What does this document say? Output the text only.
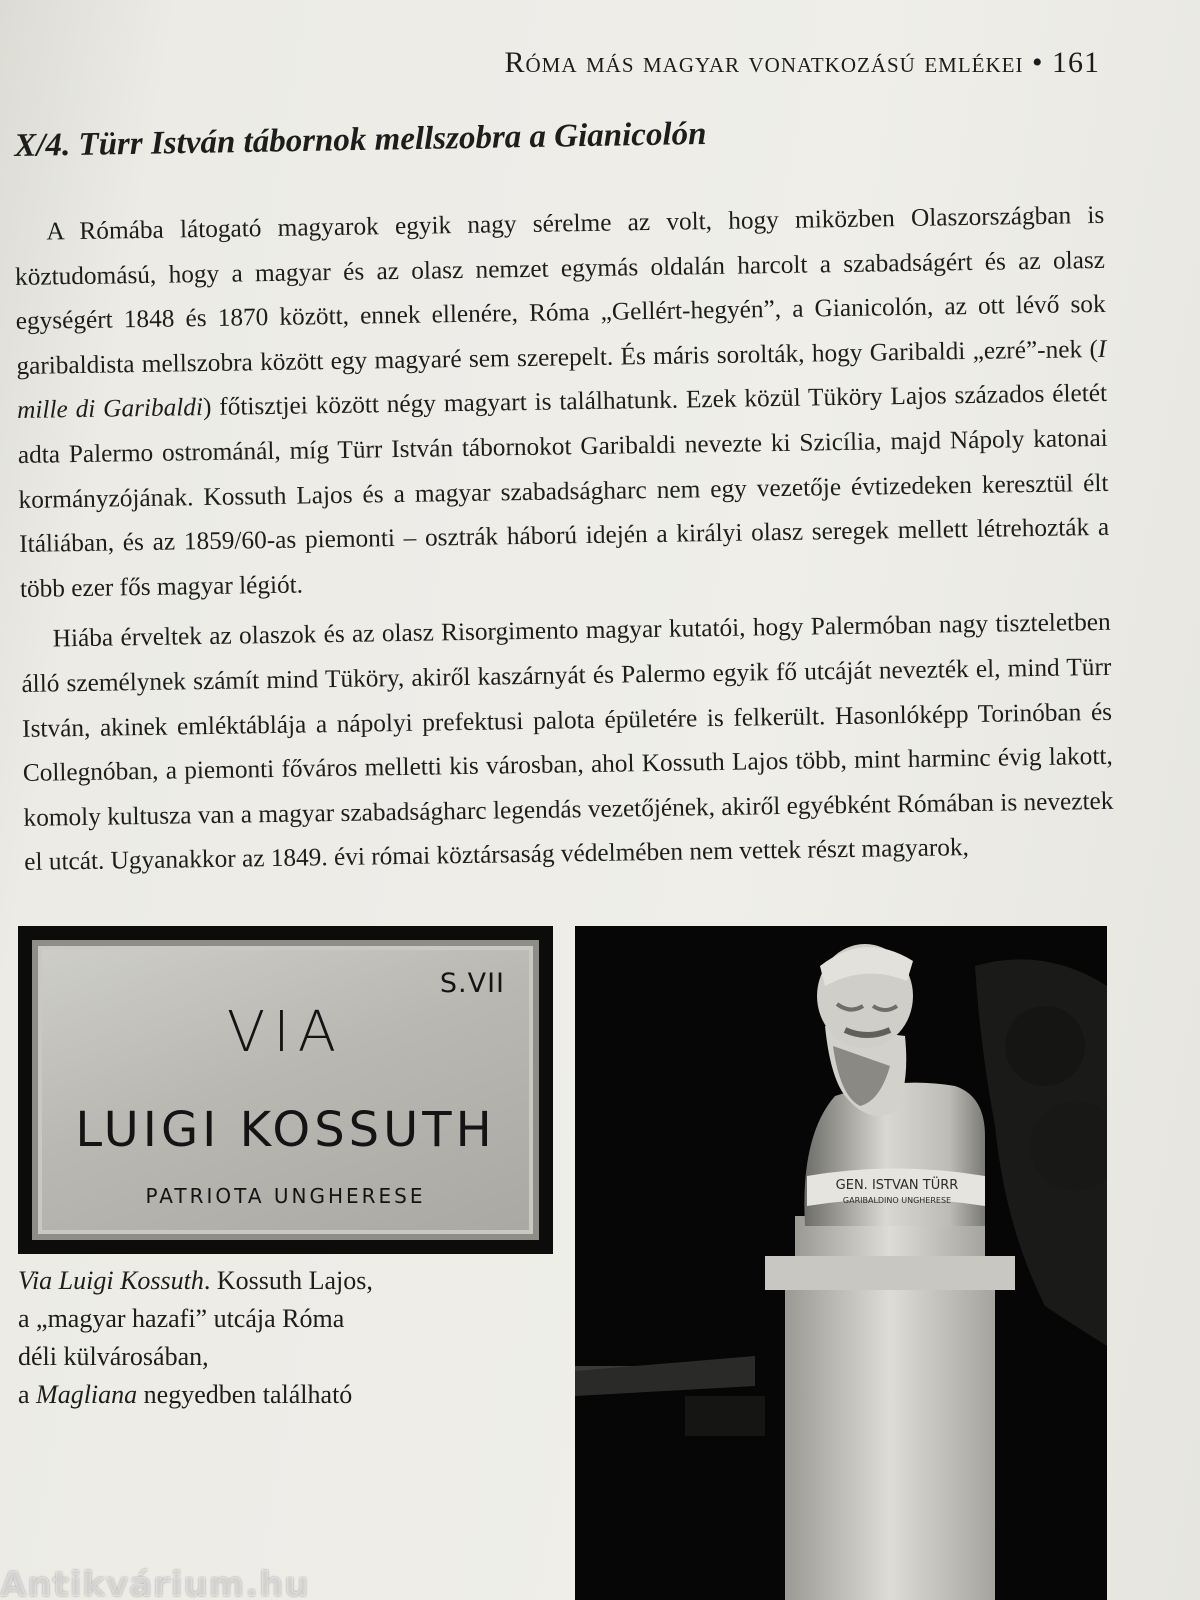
Róma más magyar vonatkozású emlékei • 161
X/4. Türr István tábornok mellszobra a Gianicolón

A Rómába látogató magyarok egyik nagy sérelme az volt, hogy miközben Olaszországban is köztudomású, hogy a magyar és az olasz nemzet egymás oldalán harcolt a szabadságért és az olasz egységért 1848 és 1870 között, ennek ellenére, Róma „Gellért-hegyén”, a Gianicolón, az ott lévő sok garibaldista mellszobra között egy magyaré sem szerepelt. És máris sorolták, hogy Garibaldi „ezré”-nek (I mille di Garibaldi) főtisztjei között négy magyart is találhatunk. Ezek közül Tüköry Lajos százados életét adta Palermo ostrománál, míg Türr István tábornokot Garibaldi nevezte ki Szicília, majd Nápoly katonai kormányzójának. Kossuth Lajos és a magyar szabadságharc nem egy vezetője évtizedeken keresztül élt Itáliában, és az 1859/60-as piemonti – osztrák háború idején a királyi olasz seregek mellett létrehozták a több ezer fős magyar légiót.

Hiába érveltek az olaszok és az olasz Risorgimento magyar kutatói, hogy Palermóban nagy tiszteletben álló személynek számít mind Tüköry, akiről kaszárnyát és Palermo egyik fő utcáját nevezték el, mind Türr István, akinek emléktáblája a nápolyi prefektusi palota épületére is felkerült. Hasonlóképp Torinóban és Collegnóban, a piemonti főváros melletti kis városban, ahol Kossuth Lajos több, mint harminc évig lakott, komoly kultusza van a magyar szabadságharc legendás vezetőjének, akiről egyébként Rómában is neveztek el utcát. Ugyanakkor az 1849. évi római köztársaság védelmében nem vettek részt magyarok,

S.VII
VIA
LUIGI KOSSUTH
PATRIOTA UNGHERESE
Via Luigi Kossuth. Kossuth Lajos,
a „magyar hazafi” utcája Róma
déli külvárosában,
a Magliana negyedben található
GEN. ISTVAN TÜRR
GARIBALDINO UNGHERESE
Antikvárium.hu
